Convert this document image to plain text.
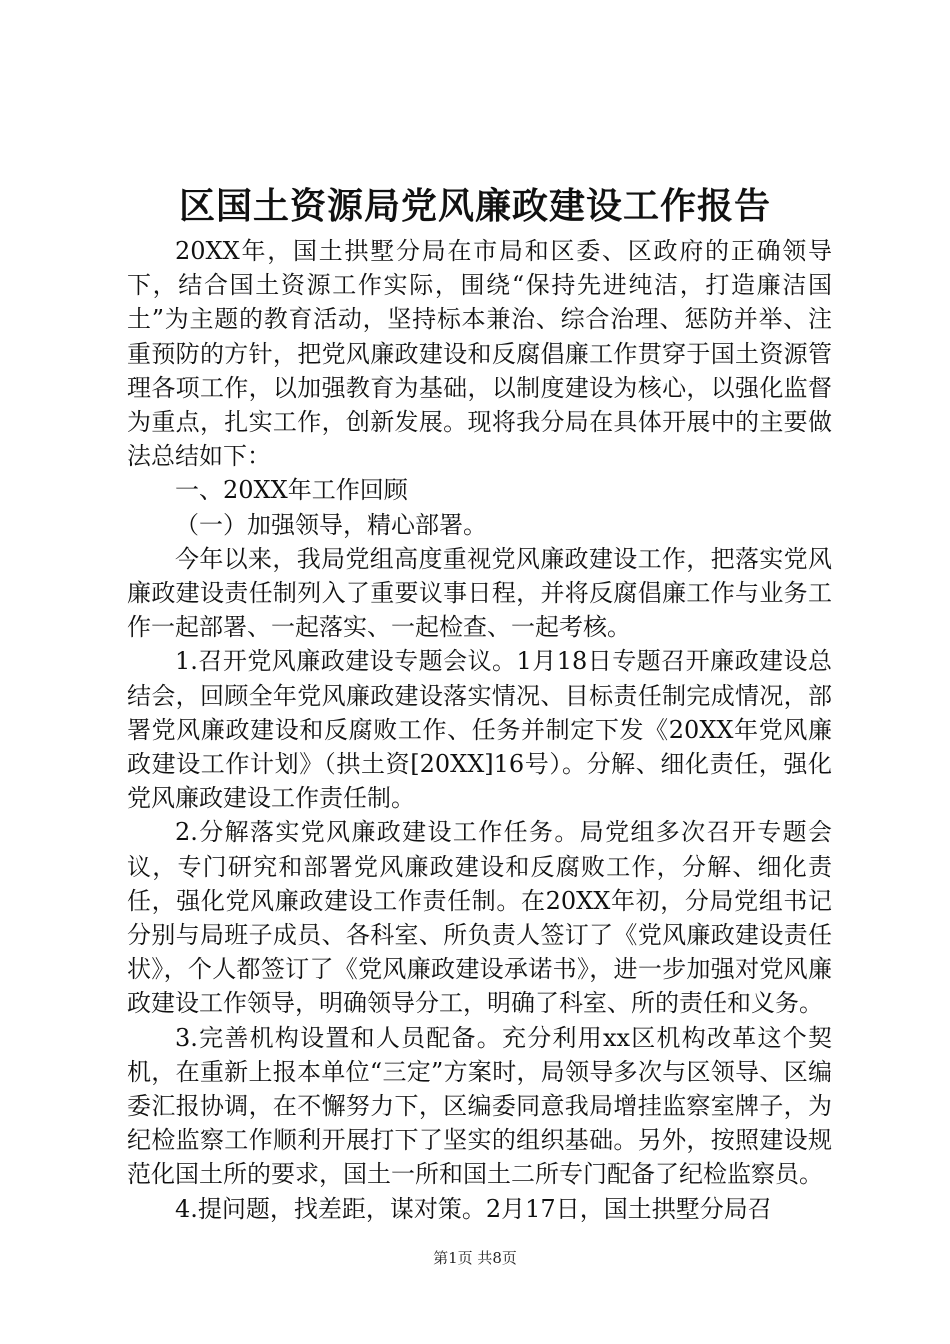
区国土资源局党风廉政建设工作报告

20XX年，国土拱墅分局在市局和区委、区政府的正确领导下，结合国土资源工作实际，围绕“保持先进纯洁，打造廉洁国土”为主题的教育活动，坚持标本兼治、综合治理、惩防并举、注重预防的方针，把党风廉政建设和反腐倡廉工作贯穿于国土资源管理各项工作，以加强教育为基础，以制度建设为核心，以强化监督为重点，扎实工作，创新发展。现将我分局在具体开展中的主要做法总结如下：

一、20XX年工作回顾

（一）加强领导，精心部署。

今年以来，我局党组高度重视党风廉政建设工作，把落实党风廉政建设责任制列入了重要议事日程，并将反腐倡廉工作与业务工作一起部署、一起落实、一起检查、一起考核。

1.召开党风廉政建设专题会议。1月18日专题召开廉政建设总结会，回顾全年党风廉政建设落实情况、目标责任制完成情况，部署党风廉政建设和反腐败工作、任务并制定下发《20XX年党风廉政建设工作计划》（拱土资[20XX]16号）。分解、细化责任，强化党风廉政建设工作责任制。

2.分解落实党风廉政建设工作任务。局党组多次召开专题会议，专门研究和部署党风廉政建设和反腐败工作，分解、细化责任，强化党风廉政建设工作责任制。在20XX年初，分局党组书记分别与局班子成员、各科室、所负责人签订了《党风廉政建设责任状》，个人都签订了《党风廉政建设承诺书》，进一步加强对党风廉政建设工作领导，明确领导分工，明确了科室、所的责任和义务。

3.完善机构设置和人员配备。充分利用xx区机构改革这个契机，在重新上报本单位“三定”方案时，局领导多次与区领导、区编委汇报协调，在不懈努力下，区编委同意我局增挂监察室牌子，为纪检监察工作顺利开展打下了坚实的组织基础。另外，按照建设规范化国土所的要求，国土一所和国土二所专门配备了纪检监察员。

4.提问题，找差距，谋对策。2月17日，国土拱墅分局召

第1页 共8页
